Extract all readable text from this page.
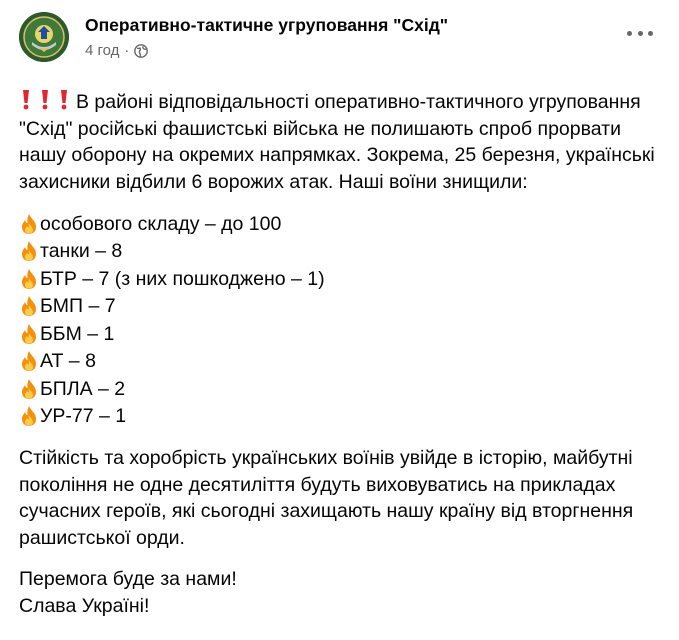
Оперативно-тактичне угруповання "Схід"
4 год ·

В районі відповідальності оперативно-тактичного угруповання "Схід" російські фашистські війська не полишають спроб прорвати нашу оборону на окремих напрямках. Зокрема, 25 березня, українські захисники відбили 6 ворожих атак. Наші воїни знищили:

особового складу – до 100
танки – 8
БТР – 7 (з них пошкоджено – 1)
БМП – 7
ББМ – 1
АТ – 8
БПЛА – 2
УР-77 – 1

Стійкість та хоробрість українських воїнів увійде в історію, майбутні покоління не одне десятиліття будуть виховуватись на прикладах сучасних героїв, які сьогодні захищають нашу країну від вторгнення рашистської орди.

Перемога буде за нами!

Слава Україні!
